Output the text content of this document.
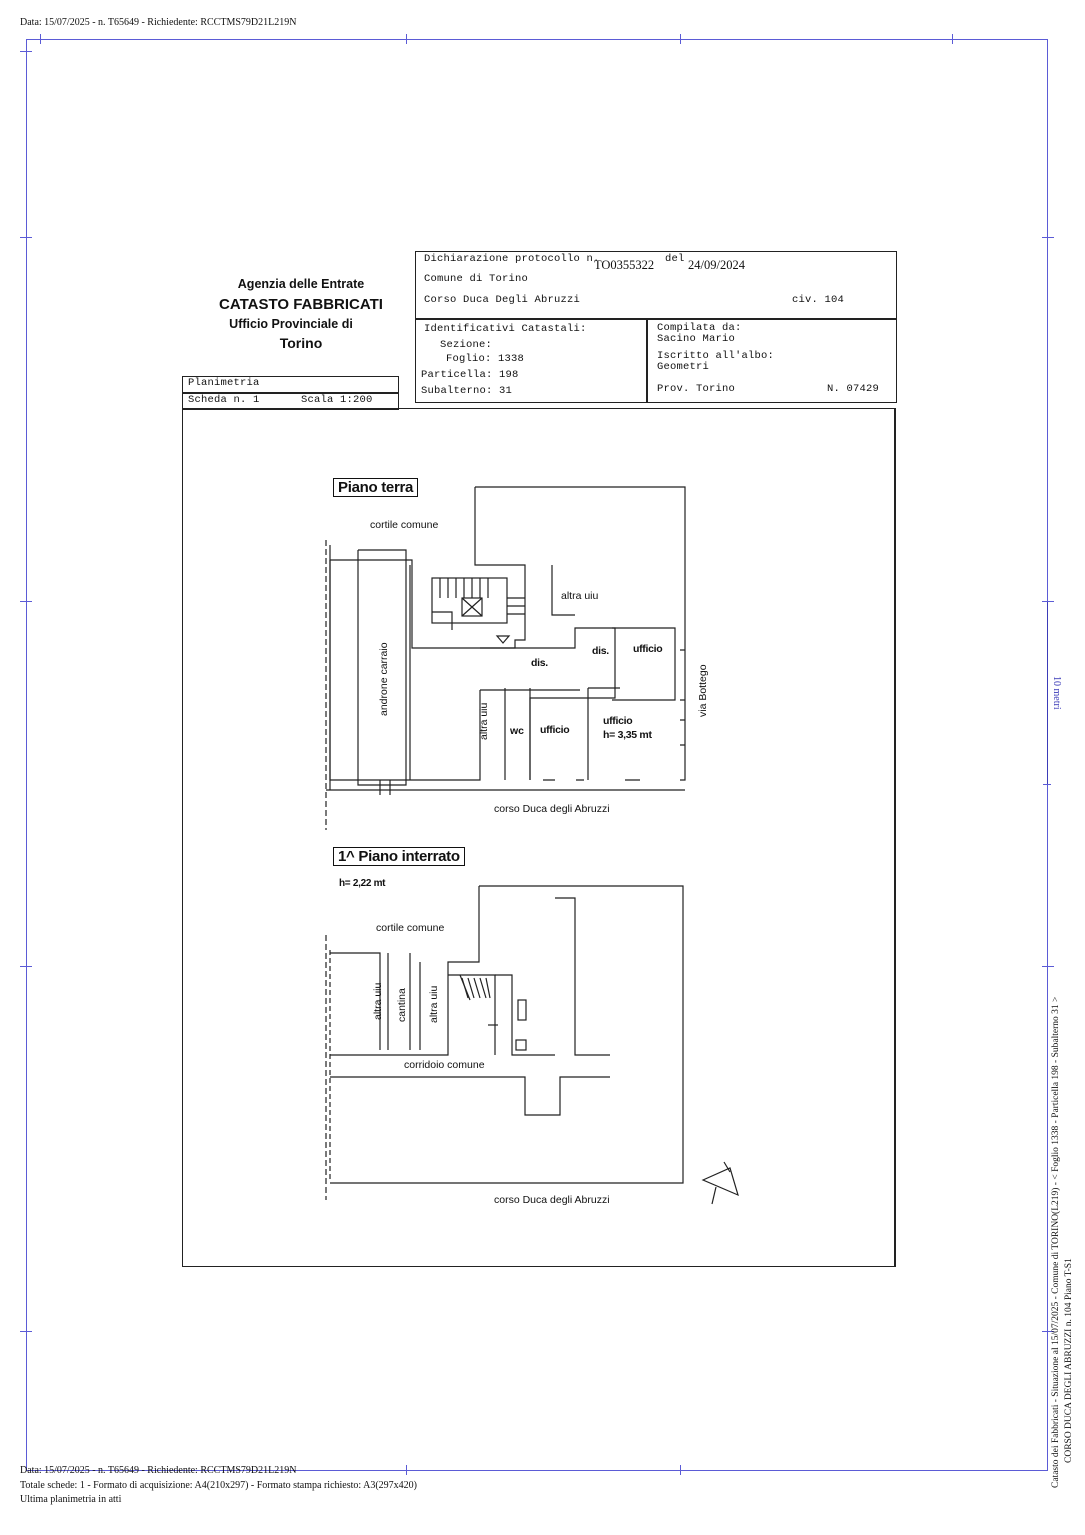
Data: 15/07/2025 - n. T65649 - Richiedente: RCCTMS79D21L219N
10 metri
Agenzia delle Entrate
CATASTO FABBRICATI
Ufficio Provinciale di
Torino
Dichiarazione protocollo n.
TO0355322 del 24/09/2024
Comune di Torino
Corso Duca Degli Abruzzi	civ. 104
Identificativi Catastali:
Sezione:
Foglio: 1338
Particella: 198
Subalterno: 31
Compilata da:
Sacino Mario
Iscritto all'albo:
Geometri
Prov. Torino	N. 07429
Planimetria
Scheda n. 1	Scala 1:200
Piano terra
cortile comune
androne carraio
altra uiu
dis.
dis. ufficio
altra uiu wc ufficio
ufficio
h= 3,35 mt
via Bottego
corso Duca degli Abruzzi
1^ Piano interrato
h= 2,22 mt
cortile comune
altra uiu cantina altra uiu
corridoio comune
corso Duca degli Abruzzi	Catasto dei Fabbricati - Situazione al 15/07/2025 - Comune di TORINO(L219) - < Foglio 1338 - Particella 198 - Subalterno 31 > CORSO DUCA DEGLI ABRUZZI n. 104 Piano T-S1
Data: 15/07/2025 - n. T65649 - Richiedente: RCCTMS79D21L219N
Totale schede: 1 - Formato di acquisizione: A4(210x297) - Formato stampa richiesto: A3(297x420)
Ultima planimetria in atti
